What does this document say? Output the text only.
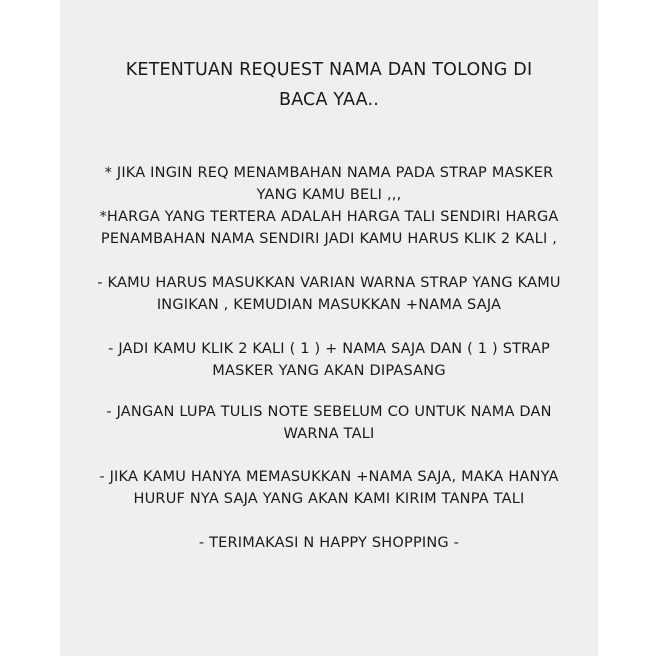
KETENTUAN REQUEST NAMA DAN TOLONG DI
BACA YAA..
* JIKA INGIN REQ MENAMBAHAN NAMA PADA STRAP MASKER
YANG KAMU BELI ,,,
*HARGA YANG TERTERA ADALAH HARGA TALI SENDIRI HARGA
PENAMBAHAN NAMA SENDIRI JADI KAMU HARUS KLIK 2 KALI ,
- KAMU HARUS MASUKKAN VARIAN WARNA STRAP YANG KAMU
INGIKAN , KEMUDIAN MASUKKAN +NAMA SAJA
- JADI KAMU KLIK 2 KALI ( 1 ) + NAMA SAJA DAN ( 1 ) STRAP
MASKER YANG AKAN DIPASANG
- JANGAN LUPA TULIS NOTE SEBELUM CO UNTUK NAMA DAN
WARNA TALI
- JIKA KAMU HANYA MEMASUKKAN +NAMA SAJA, MAKA HANYA
HURUF NYA SAJA YANG AKAN KAMI KIRIM TANPA TALI
- TERIMAKASI N HAPPY SHOPPING -
